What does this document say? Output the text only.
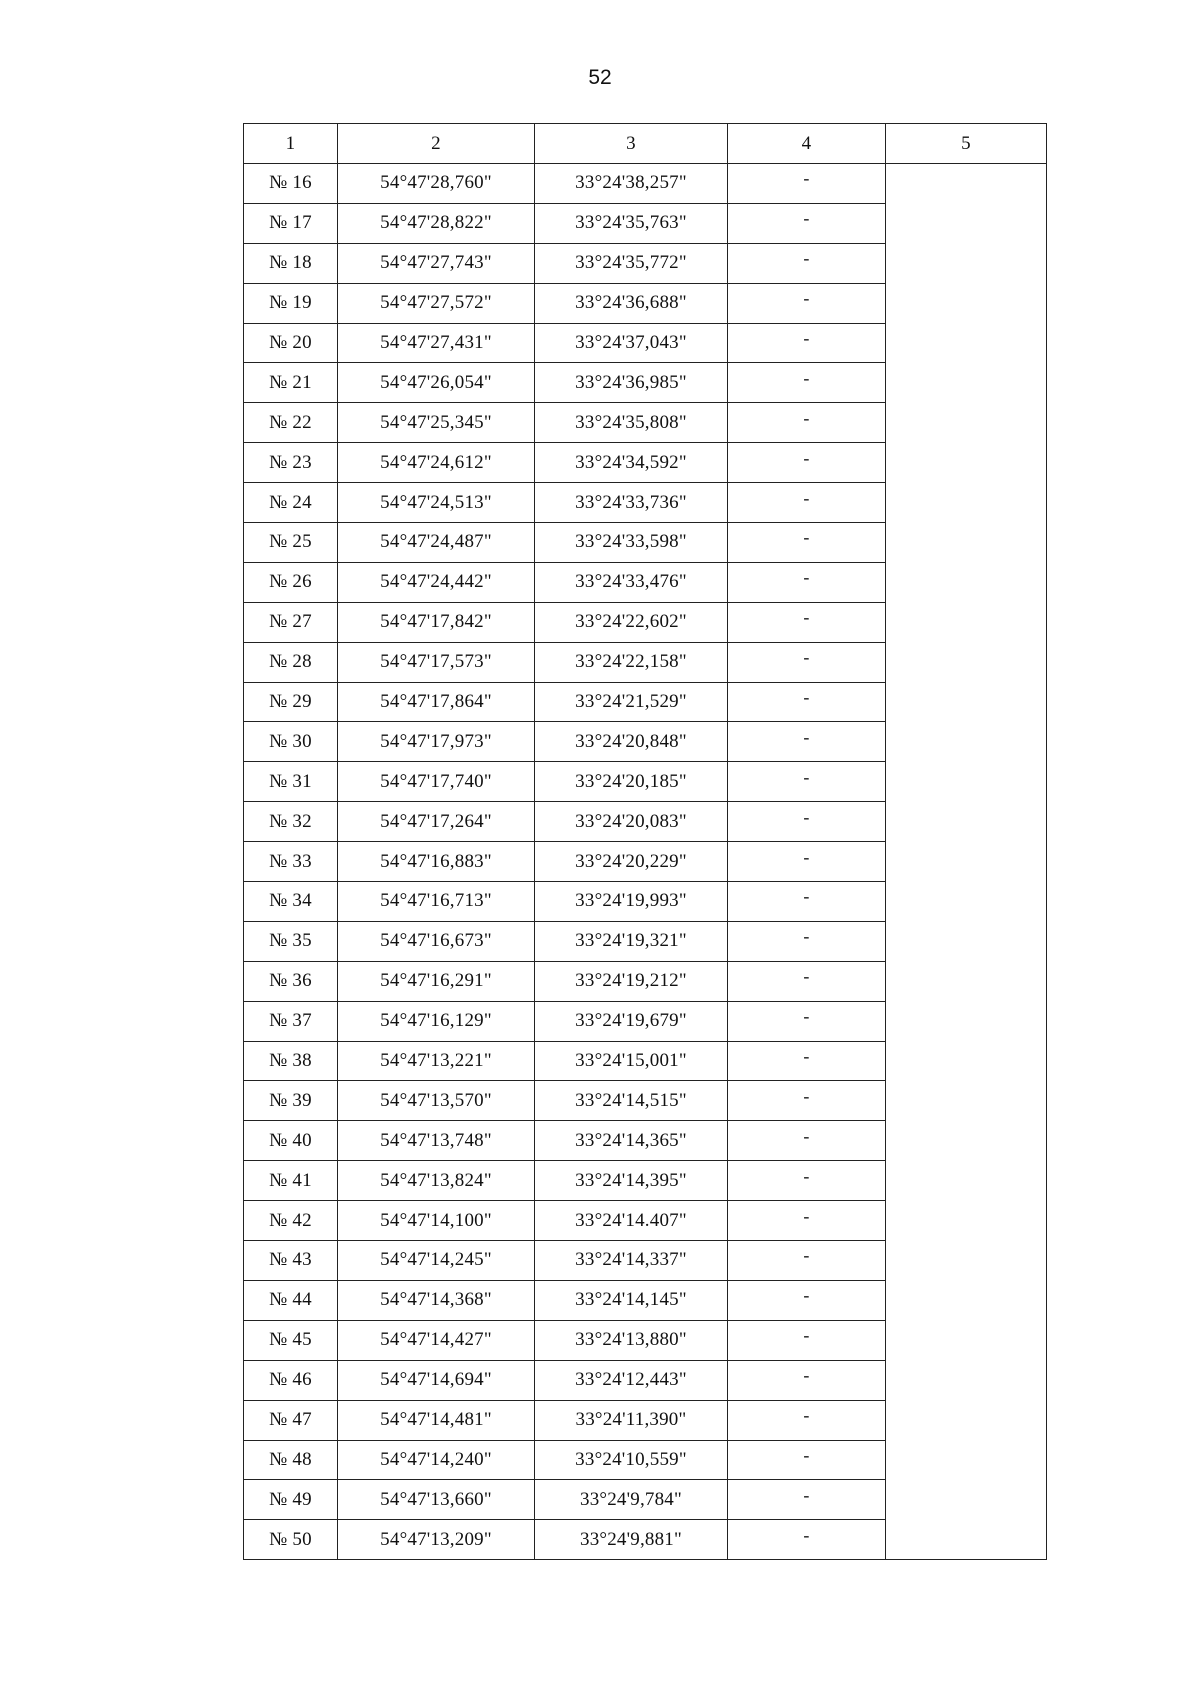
52
1	2	3	4	5
№ 16	54°47'28,760"	33°24'38,257"	-	
№ 17	54°47'28,822"	33°24'35,763"	-	
№ 18	54°47'27,743"	33°24'35,772"	-	
№ 19	54°47'27,572"	33°24'36,688"	-	
№ 20	54°47'27,431"	33°24'37,043"	-	
№ 21	54°47'26,054"	33°24'36,985"	-	
№ 22	54°47'25,345"	33°24'35,808"	-	
№ 23	54°47'24,612"	33°24'34,592"	-	
№ 24	54°47'24,513"	33°24'33,736"	-	
№ 25	54°47'24,487"	33°24'33,598"	-	
№ 26	54°47'24,442"	33°24'33,476"	-	
№ 27	54°47'17,842"	33°24'22,602"	-	
№ 28	54°47'17,573"	33°24'22,158"	-	
№ 29	54°47'17,864"	33°24'21,529"	-	
№ 30	54°47'17,973"	33°24'20,848"	-	
№ 31	54°47'17,740"	33°24'20,185"	-	
№ 32	54°47'17,264"	33°24'20,083"	-	
№ 33	54°47'16,883"	33°24'20,229"	-	
№ 34	54°47'16,713"	33°24'19,993"	-	
№ 35	54°47'16,673"	33°24'19,321"	-	
№ 36	54°47'16,291"	33°24'19,212"	-	
№ 37	54°47'16,129"	33°24'19,679"	-	
№ 38	54°47'13,221"	33°24'15,001"	-	
№ 39	54°47'13,570"	33°24'14,515"	-	
№ 40	54°47'13,748"	33°24'14,365"	-	
№ 41	54°47'13,824"	33°24'14,395"	-	
№ 42	54°47'14,100"	33°24'14.407"	-	
№ 43	54°47'14,245"	33°24'14,337"	-	
№ 44	54°47'14,368"	33°24'14,145"	-	
№ 45	54°47'14,427"	33°24'13,880"	-	
№ 46	54°47'14,694"	33°24'12,443"	-	
№ 47	54°47'14,481"	33°24'11,390"	-	
№ 48	54°47'14,240"	33°24'10,559"	-	
№ 49	54°47'13,660"	33°24'9,784"	-	
№ 50	54°47'13,209"	33°24'9,881"	-	
